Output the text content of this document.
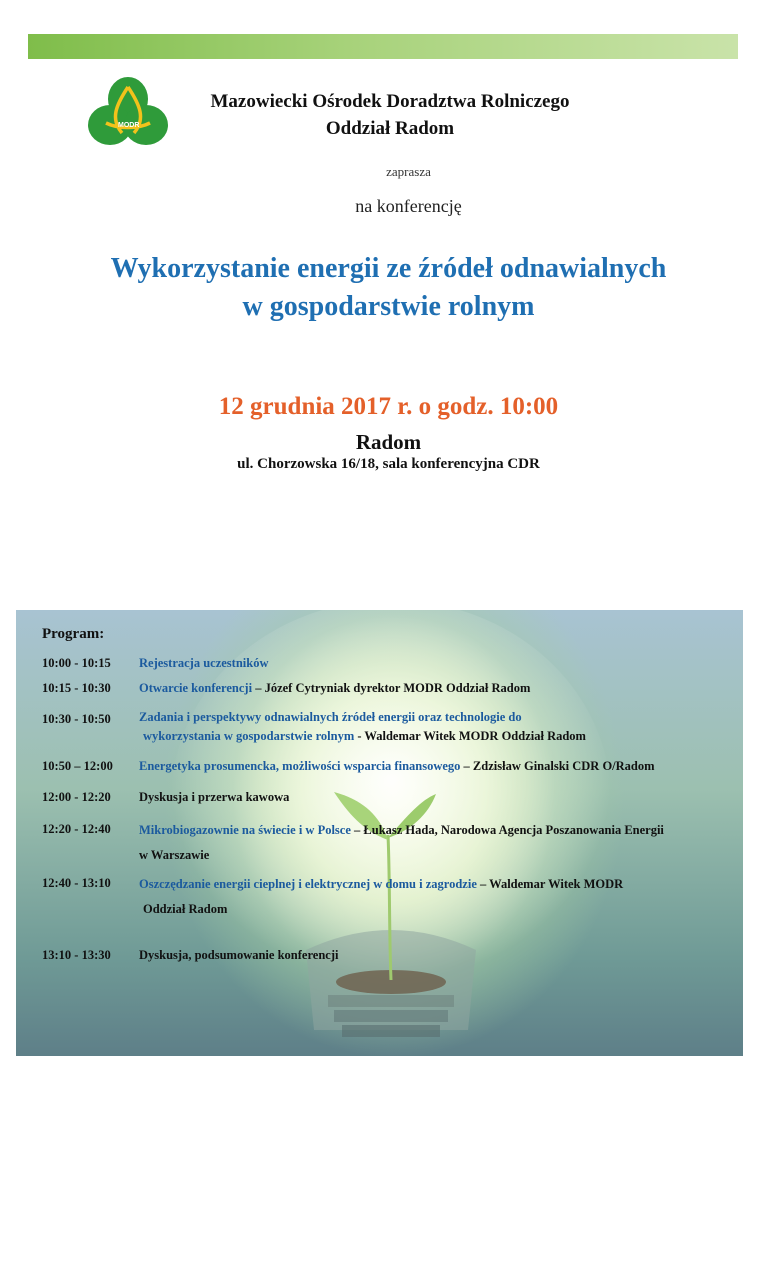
MODR
Mazowiecki Ośrodek Doradztwa Rolniczego
Oddział Radom
zaprasza
na konferencję
Wykorzystanie energii ze źródeł odnawialnych
w gospodarstwie rolnym
12 grudnia 2017 r. o godz. 10:00
Radom
ul. Chorzowska 16/18, sala konferencyjna CDR
Program:
10:00 - 10:15 Rejestracja uczestników
10:15 - 10:30 Otwarcie konferencji – Józef Cytryniak dyrektor MODR Oddział Radom
10:30 - 10:50 Zadania i perspektywy odnawialnych źródeł energii oraz technologie do
wykorzystania w gospodarstwie rolnym - Waldemar Witek MODR Oddział Radom
10:50 – 12:00 Energetyka prosumencka, możliwości wsparcia finansowego – Zdzisław Ginalski CDR O/Radom
12:00 - 12:20 Dyskusja i przerwa kawowa
12:20 - 12:40 Mikrobiogazownie na świecie i w Polsce – Łukasz Hada, Narodowa Agencja Poszanowania Energii
w Warszawie
12:40 - 13:10 Oszczędzanie energii cieplnej i elektrycznej w domu i zagrodzie – Waldemar Witek MODR
Oddział Radom
13:10 - 13:30 Dyskusja, podsumowanie konferencji
